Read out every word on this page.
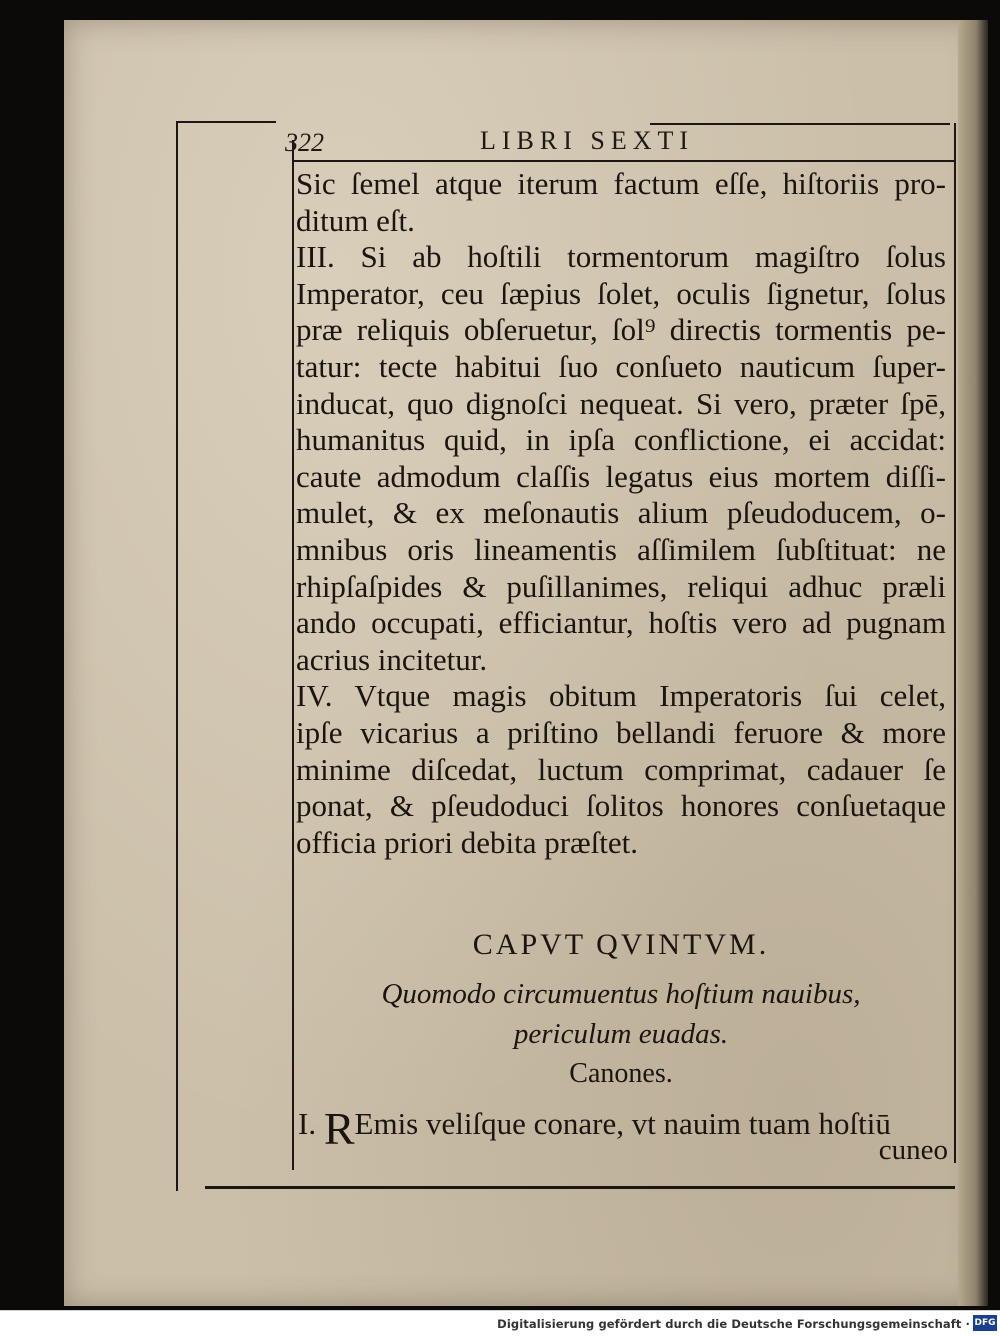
322	LIBRI SEXTI
Sic ſemel atque iterum factum eſſe, hiſtoriis pro-
ditum eſt.
III. Si ab hoſtili tormentorum magiſtro ſolus
Imperator, ceu ſæpius ſolet, oculis ſignetur, ſolus
præ reliquis obſeruetur, ſol⁹ directis tormentis pe-
tatur: tecte habitui ſuo conſueto nauticum ſuper-
inducat, quo dignoſci nequeat. Si vero, præter ſpē,
humanitus quid, in ipſa conflictione, ei accidat:
caute admodum claſſis legatus eius mortem diſſi-
mulet, & ex meſonautis alium pſeudoducem, o-
mnibus oris lineamentis aſſimilem ſubſtituat: ne
rhipſaſpides & puſillanimes, reliqui adhuc præli
ando occupati, efficiantur, hoſtis vero ad pugnam
acrius incitetur.
IV. Vtque magis obitum Imperatoris ſui celet,
ipſe vicarius a priſtino bellandi feruore & more
minime diſcedat, luctum comprimat, cadauer ſe
ponat, & pſeudoduci ſolitos honores conſuetaque
officia priori debita præſtet.
CAPVT QVINTVM.
Quomodo circumuentus hoſtium nauibus,
periculum euadas.
Canones.
I. REmis veliſque conare, vt nauim tuam hoſtiū
cuneo
Digitalisierung gefördert durch die Deutsche Forschungsgemeinschaft · DFG
